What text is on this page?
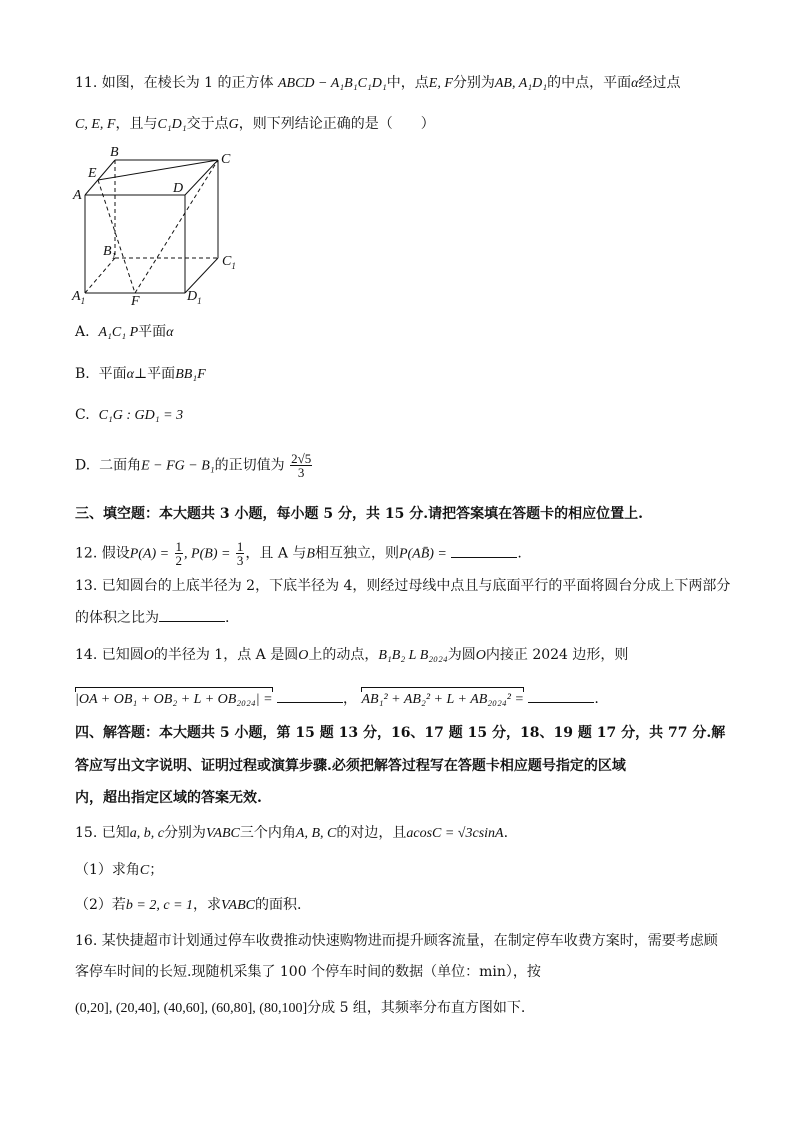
11. 如图，在棱长为 1 的正方体 ABCD − A₁B₁C₁D₁中，点E, F分别为AB, A₁D₁的中点，平面α经过点
C, E, F，且与C₁D₁交于点G，则下列结论正确的是（　　）
B	C
E
D
A
$B_1$	$C_1$
$A_1$	F	$D_1$
A. A₁C₁ P平面α
B. 平面α⊥平面BB₁F
C. C₁G : GD₁ = 3
D. 二面角E − FG − B₁的正切值为 $\frac{2√5}{3}$
三、填空题：本大题共 3 小题，每小题 5 分，共 15 分.请把答案填在答题卡的相应位置上.
12. 假设$P(A) = \frac{1}{2}$ , $P(B) = \frac{1}{3}$ ，且 A 与B相互独立，则P(AB̄) =	.
13. 已知圆台的上底半径为 2，下底半径为 4，则经过母线中点且与底面平行的平面将圆台分成上下两部分
的体积之比为	.
14. 已知圆O的半径为 1，点 A 是圆O上的动点，B₁B₂ L B₂₀₂₄为圆O内接正 2024 边形，则
|OA + OB₁ + OB₂ + L + OB₂₀₂₄| =	， AB₁² + AB₂² + L + AB₂₀₂₄² =	.
四、解答题：本大题共 5 小题，第 15 题 13 分，16、17 题 15 分，18、19 题 17 分，共 77 分.解
答应写出文字说明、证明过程或演算步骤.必须把解答过程写在答题卡相应题号指定的区域
内，超出指定区域的答案无效.
15. 已知a, b, c分别为VABC三个内角A, B, C的对边，且acosC = √3csinA.
（1）求角C；
（2）若b = 2, c = 1，求VABC的面积.
16. 某快捷超市计划通过停车收费推动快速购物进而提升顾客流量，在制定停车收费方案时，需要考虑顾
客停车时间的长短.现随机采集了 100 个停车时间的数据（单位：min），按
(0,20], (20,40], (40,60], (60,80], (80,100]分成 5 组，其频率分布直方图如下.
